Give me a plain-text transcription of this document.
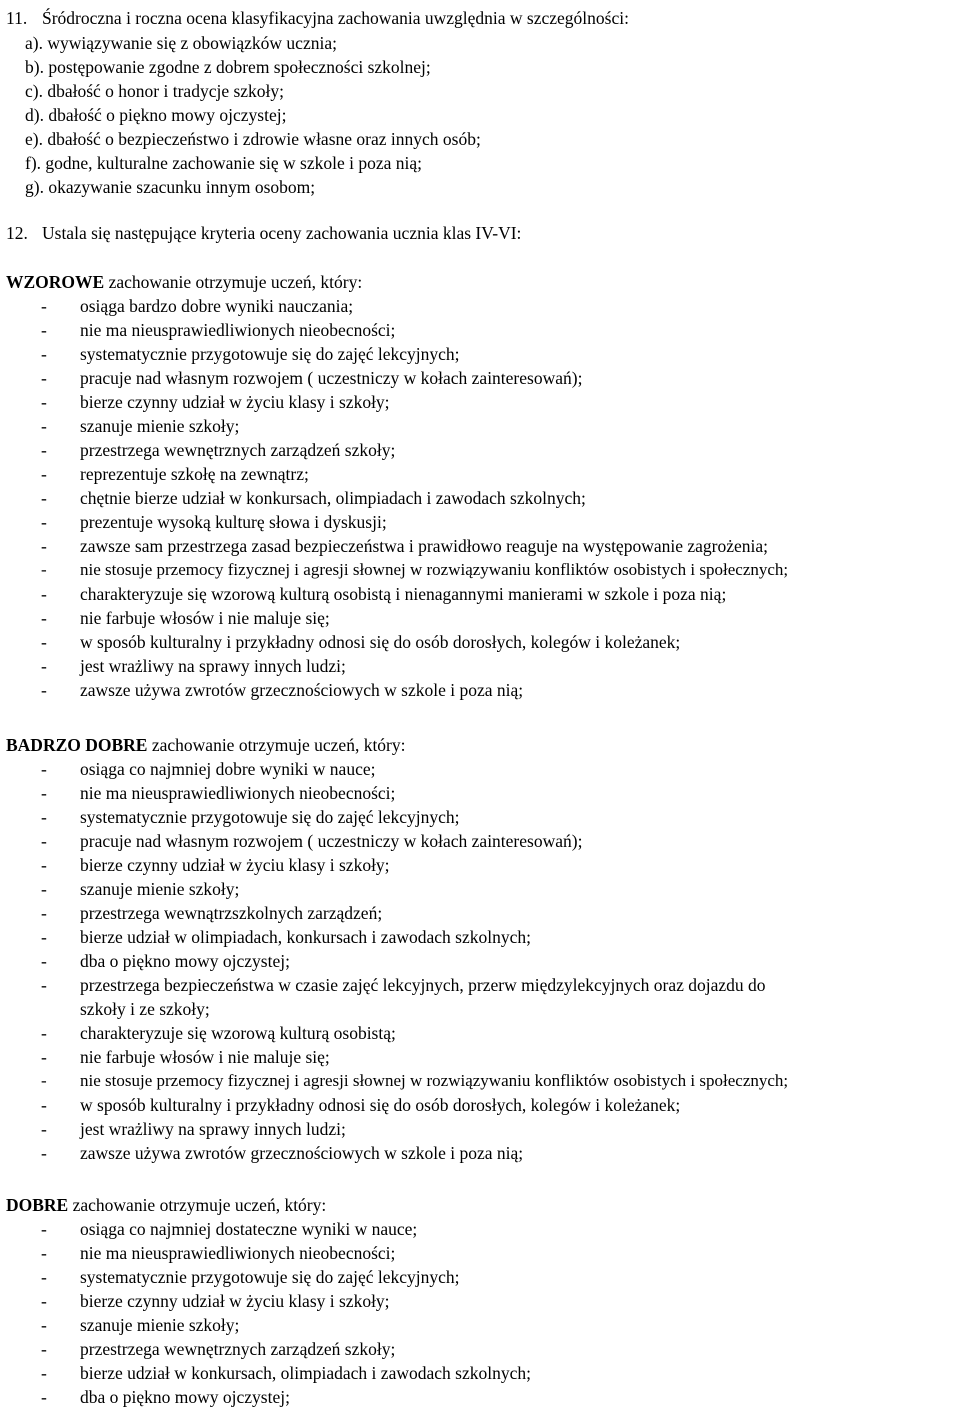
11. Śródroczna i roczna ocena klasyfikacyjna zachowania uwzględnia w szczególności:
a). wywiązywanie się z obowiązków ucznia;
b). postępowanie zgodne z dobrem społeczności szkolnej;
c). dbałość o honor i tradycje szkoły;
d). dbałość o piękno mowy ojczystej;
e). dbałość o bezpieczeństwo i zdrowie własne oraz innych osób;
f). godne, kulturalne zachowanie się w szkole i poza nią;
g). okazywanie szacunku innym osobom;
12. Ustala się następujące kryteria oceny zachowania ucznia klas IV-VI:
WZOROWE zachowanie otrzymuje uczeń, który:
- osiąga bardzo dobre wyniki nauczania;
- nie ma nieusprawiedliwionych nieobecności;
- systematycznie przygotowuje się do zajęć lekcyjnych;
- pracuje nad własnym rozwojem ( uczestniczy w kołach zainteresowań);
- bierze czynny udział w życiu klasy i szkoły;
- szanuje mienie szkoły;
- przestrzega wewnętrznych zarządzeń szkoły;
- reprezentuje szkołę na zewnątrz;
- chętnie bierze udział w konkursach, olimpiadach i zawodach szkolnych;
- prezentuje wysoką kulturę słowa i dyskusji;
- zawsze sam przestrzega zasad bezpieczeństwa i prawidłowo reaguje na występowanie zagrożenia;
- nie stosuje przemocy fizycznej i agresji słownej w rozwiązywaniu konfliktów osobistych i społecznych;
- charakteryzuje się wzorową kulturą osobistą i nienagannymi manierami w szkole i poza nią;
- nie farbuje włosów i nie maluje się;
- w sposób kulturalny i przykładny odnosi się do osób dorosłych, kolegów i koleżanek;
- jest wrażliwy na sprawy innych ludzi;
- zawsze używa zwrotów grzecznościowych w szkole i poza nią;
BADRZO DOBRE zachowanie otrzymuje uczeń, który:
- osiąga co najmniej dobre wyniki w nauce;
- nie ma nieusprawiedliwionych nieobecności;
- systematycznie przygotowuje się do zajęć lekcyjnych;
- pracuje nad własnym rozwojem ( uczestniczy w kołach zainteresowań);
- bierze czynny udział w życiu klasy i szkoły;
- szanuje mienie szkoły;
- przestrzega wewnątrzszkolnych zarządzeń;
- bierze udział w olimpiadach, konkursach i zawodach szkolnych;
- dba o piękno mowy ojczystej;
- przestrzega bezpieczeństwa w czasie zajęć lekcyjnych, przerw międzylekcyjnych oraz dojazdu do
szkoły i ze szkoły;
- charakteryzuje się wzorową kulturą osobistą;
- nie farbuje włosów i nie maluje się;
- nie stosuje przemocy fizycznej i agresji słownej w rozwiązywaniu konfliktów osobistych i społecznych;
- w sposób kulturalny i przykładny odnosi się do osób dorosłych, kolegów i koleżanek;
- jest wrażliwy na sprawy innych ludzi;
- zawsze używa zwrotów grzecznościowych w szkole i poza nią;
DOBRE zachowanie otrzymuje uczeń, który:
- osiąga co najmniej dostateczne wyniki w nauce;
- nie ma nieusprawiedliwionych nieobecności;
- systematycznie przygotowuje się do zajęć lekcyjnych;
- bierze czynny udział w życiu klasy i szkoły;
- szanuje mienie szkoły;
- przestrzega wewnętrznych zarządzeń szkoły;
- bierze udział w konkursach, olimpiadach i zawodach szkolnych;
- dba o piękno mowy ojczystej;
